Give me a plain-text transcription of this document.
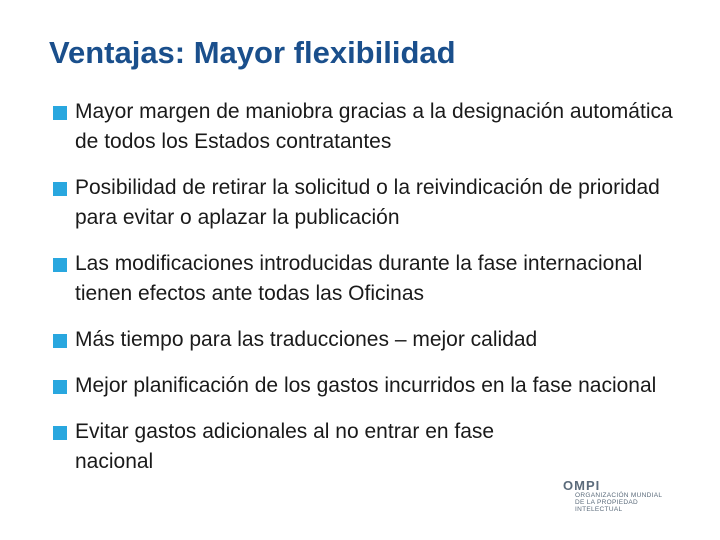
Ventajas: Mayor flexibilidad
Mayor margen de maniobra gracias a la designación automática de todos los Estados contratantes
Posibilidad de retirar la solicitud o la reivindicación de prioridad para evitar o aplazar la publicación
Las modificaciones introducidas durante la fase internacional tienen efectos ante todas las Oficinas
Más tiempo para las traducciones – mejor calidad
Mejor planificación de los gastos incurridos en la fase nacional
Evitar gastos adicionales al no entrar en fase nacional
OMPI
ORGANIZACIÓN MUNDIAL DE LA PROPIEDAD INTELECTUAL
